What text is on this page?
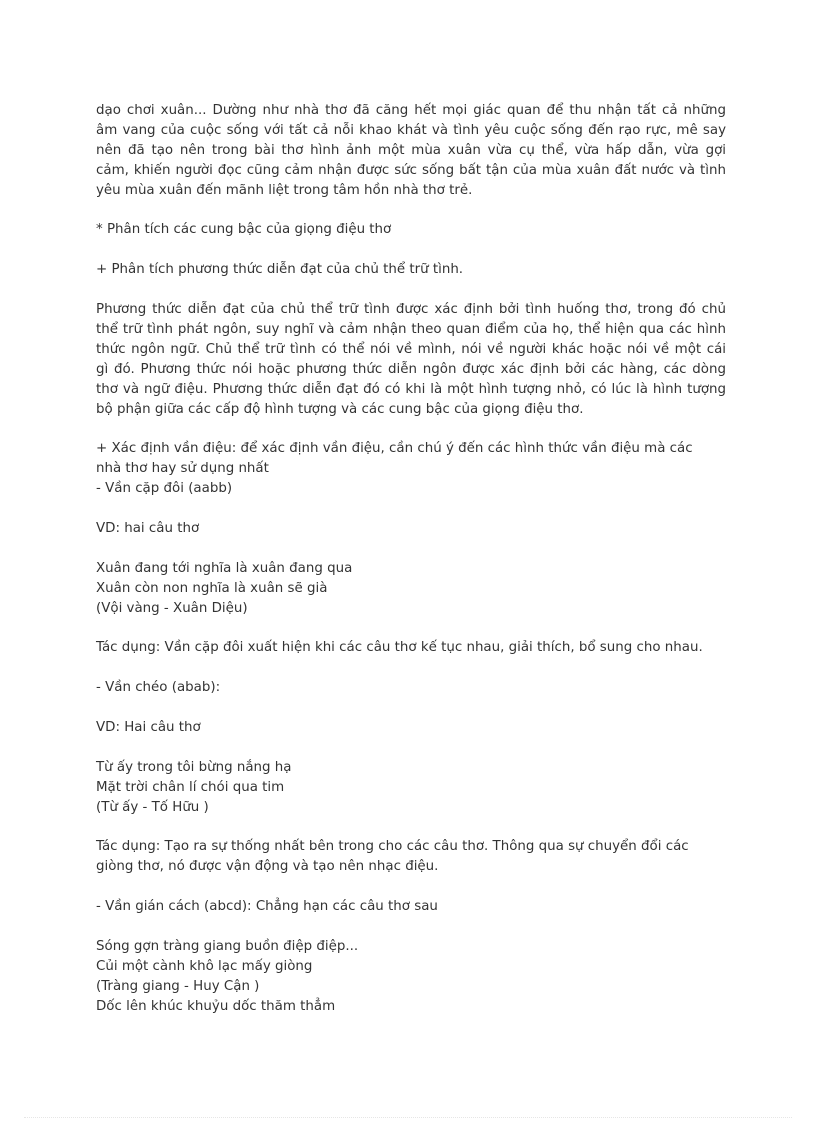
dạo chơi xuân... Dường như nhà thơ đã căng hết mọi giác quan để thu nhận tất cả những
âm vang của cuộc sống với tất cả nỗi khao khát và tình yêu cuộc sống đến rạo rực, mê say
nên đã tạo nên trong bài thơ hình ảnh một mùa xuân vừa cụ thể, vừa hấp dẫn, vừa gợi
cảm, khiến người đọc cũng cảm nhận được sức sống bất tận của mùa xuân đất nước và tình
yêu mùa xuân đến mãnh liệt trong tâm hồn nhà thơ trẻ.
* Phân tích các cung bậc của giọng điệu thơ
+ Phân tích phương thức diễn đạt của chủ thể trữ tình.
Phương thức diễn đạt của chủ thể trữ tình được xác định bởi tình huống thơ, trong đó chủ
thể trữ tình phát ngôn, suy nghĩ và cảm nhận theo quan điểm của họ, thể hiện qua các hình
thức ngôn ngữ. Chủ thể trữ tình có thể nói về mình, nói về người khác hoặc nói về một cái
gì đó. Phương thức nói hoặc phương thức diễn ngôn được xác định bởi các hàng, các dòng
thơ và ngữ điệu. Phương thức diễn đạt đó có khi là một hình tượng nhỏ, có lúc là hình tượng
bộ phận giữa các cấp độ hình tượng và các cung bậc của giọng điệu thơ.
+ Xác định vần điệu: để xác định vần điệu, cần chú ý đến các hình thức vần điệu mà các
nhà thơ hay sử dụng nhất
- Vần cặp đôi (aabb)
VD: hai câu thơ
Xuân đang tới nghĩa là xuân đang qua
Xuân còn non nghĩa là xuân sẽ già
(Vội vàng - Xuân Diệu)
Tác dụng: Vần cặp đôi xuất hiện khi các câu thơ kế tục nhau, giải thích, bổ sung cho nhau.
- Vần chéo (abab):
VD: Hai câu thơ
Từ ấy trong tôi bừng nắng hạ
Mặt trời chân lí chói qua tim
(Từ ấy - Tố Hữu )
Tác dụng: Tạo ra sự thống nhất bên trong cho các câu thơ. Thông qua sự chuyển đổi các
giòng thơ, nó được vận động và tạo nên nhạc điệu.
- Vần gián cách (abcd): Chẳng hạn các câu thơ sau
Sóng gợn tràng giang buồn điệp điệp...
Củi một cành khô lạc mấy giòng
(Tràng giang - Huy Cận )
Dốc lên khúc khuỷu dốc thăm thẳm
